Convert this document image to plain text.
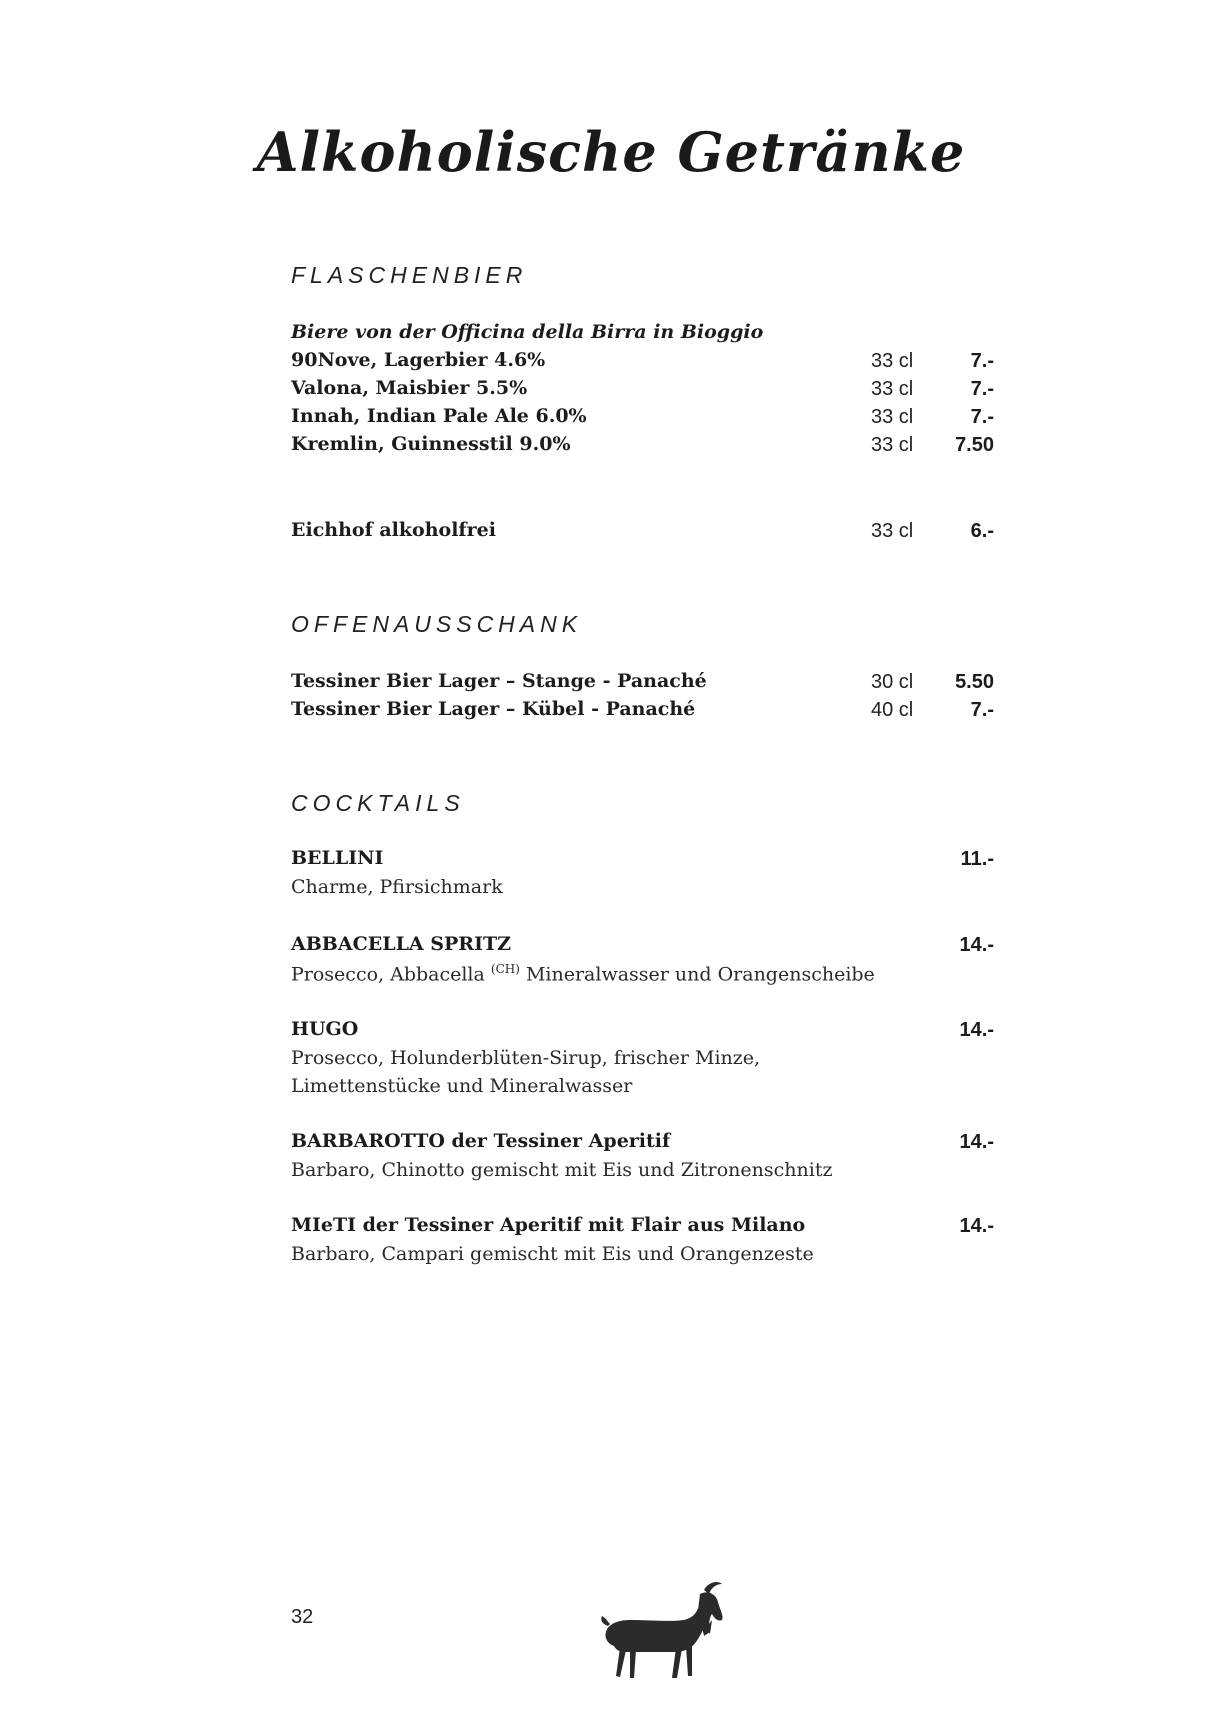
Alkoholische Getränke
FLASCHENBIER
Biere von der Officina della Birra in Bioggio
90Nove, Lagerbier 4.6%	33 cl	7.-
Valona, Maisbier 5.5%	33 cl	7.-
Innah, Indian Pale Ale 6.0%	33 cl	7.-
Kremlin, Guinnesstil 9.0%	33 cl 7.50
Eichhof alkoholfrei	33 cl	6.-
OFFENAUSSCHANK
Tessiner Bier Lager – Stange - Panaché	30 cl 5.50
Tessiner Bier Lager – Kübel - Panaché	40 cl	7.-
COCKTAILS
BELLINI	11.-
Charme, Pfirsichmark
ABBACELLA SPRITZ	14.-
Prosecco, Abbacella $^{(CH)}$ Mineralwasser und Orangenscheibe
HUGO	14.-
Prosecco, Holunderblüten-Sirup, frischer Minze,
Limettenstücke und Mineralwasser
BARBAROTTO der Tessiner Aperitif	14.-
Barbaro, Chinotto gemischt mit Eis und Zitronenschnitz
MIeTI der Tessiner Aperitif mit Flair aus Milano	14.-
Barbaro, Campari gemischt mit Eis und Orangenzeste
32
